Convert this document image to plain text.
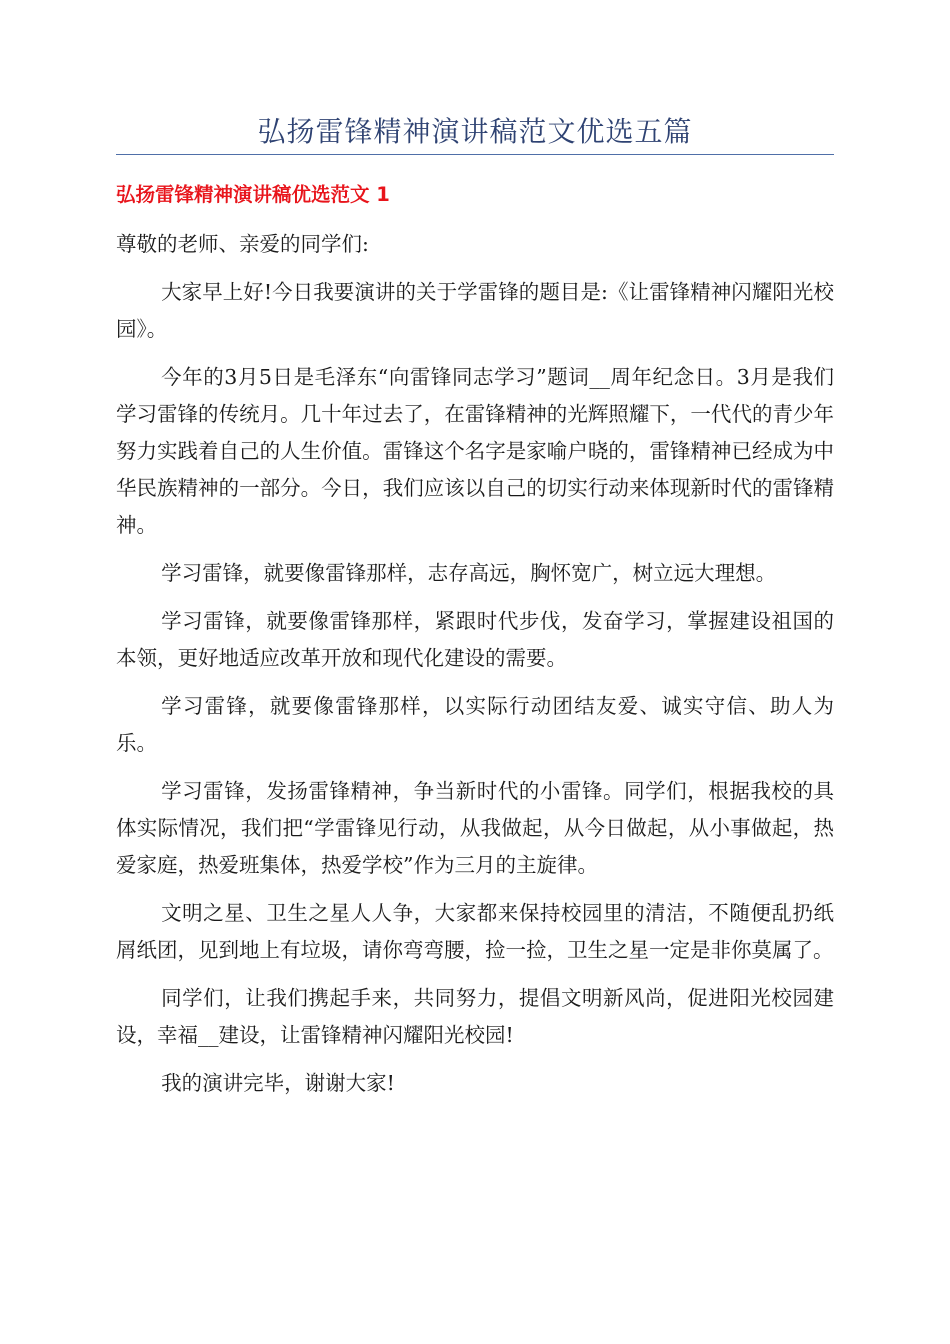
弘扬雷锋精神演讲稿范文优选五篇
弘扬雷锋精神演讲稿优选范文 1

尊敬的老师、亲爱的同学们:

大家早上好!今日我要演讲的关于学雷锋的题目是:《让雷锋精神闪耀阳光校园》。

今年的3月5日是毛泽东“向雷锋同志学习”题词__周年纪念日。3月是我们学习雷锋的传统月。几十年过去了，在雷锋精神的光辉照耀下，一代代的青少年努力实践着自己的人生价值。雷锋这个名字是家喻户晓的，雷锋精神已经成为中华民族精神的一部分。今日，我们应该以自己的切实行动来体现新时代的雷锋精神。

学习雷锋，就要像雷锋那样，志存高远，胸怀宽广，树立远大理想。

学习雷锋，就要像雷锋那样，紧跟时代步伐，发奋学习，掌握建设祖国的本领，更好地适应改革开放和现代化建设的需要。

学习雷锋，就要像雷锋那样，以实际行动团结友爱、诚实守信、助人为乐。

学习雷锋，发扬雷锋精神，争当新时代的小雷锋。同学们，根据我校的具体实际情况，我们把“学雷锋见行动，从我做起，从今日做起，从小事做起，热爱家庭，热爱班集体，热爱学校”作为三月的主旋律。

文明之星、卫生之星人人争，大家都来保持校园里的清洁，不随便乱扔纸屑纸团，见到地上有垃圾，请你弯弯腰，捡一捡，卫生之星一定是非你莫属了。

同学们，让我们携起手来，共同努力，提倡文明新风尚，促进阳光校园建设，幸福__建设，让雷锋精神闪耀阳光校园!

我的演讲完毕，谢谢大家!
